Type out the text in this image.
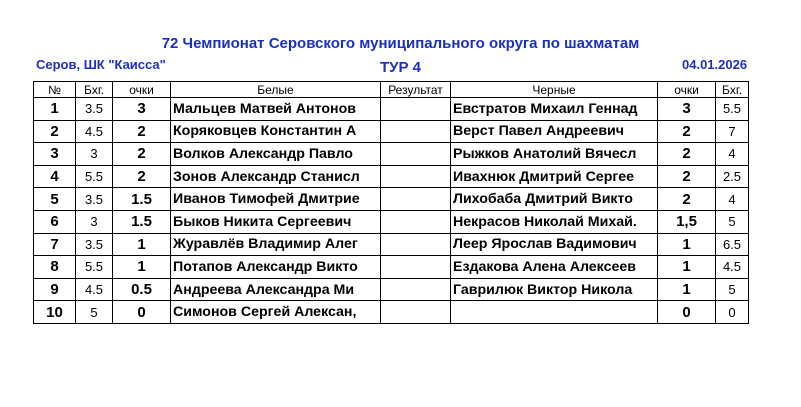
72 Чемпионат Серовского муниципального округа по шахматам
Серов, ШК "Каисса"	ТУР 4	04.01.2026
№	Бхг.	очки	Белые	Результат	Черные	очки	Бхг.
1	3.5	3	Мальцев Матвей Антонов		Евстратов Михаил Геннад	3	5.5
2	4.5	2	Коряковцев Константин А		Верст Павел Андреевич	2	7
3	3	2	Волков Александр Павло		Рыжков Анатолий Вячесл	2	4
4	5.5	2	Зонов Александр Станисл		Ивахнюк Дмитрий Сергее	2	2.5
5	3.5	1.5	Иванов Тимофей Дмитрие		Лихобаба Дмитрий Викто	2	4
6	3	1.5	Быков Никита Сергеевич		Некрасов Николай Михай.	1,5	5
7	3.5	1	Журавлёв Владимир Алег		Леер Ярослав Вадимович	1	6.5
8	5.5	1	Потапов Александр Викто		Ездакова Алена Алексеев	1	4.5
9	4.5	0.5	Андреева Александра Ми		Гаврилюк Виктор Никола	1	5
10	5	0	Симонов Сергей Алексан,			0	0
